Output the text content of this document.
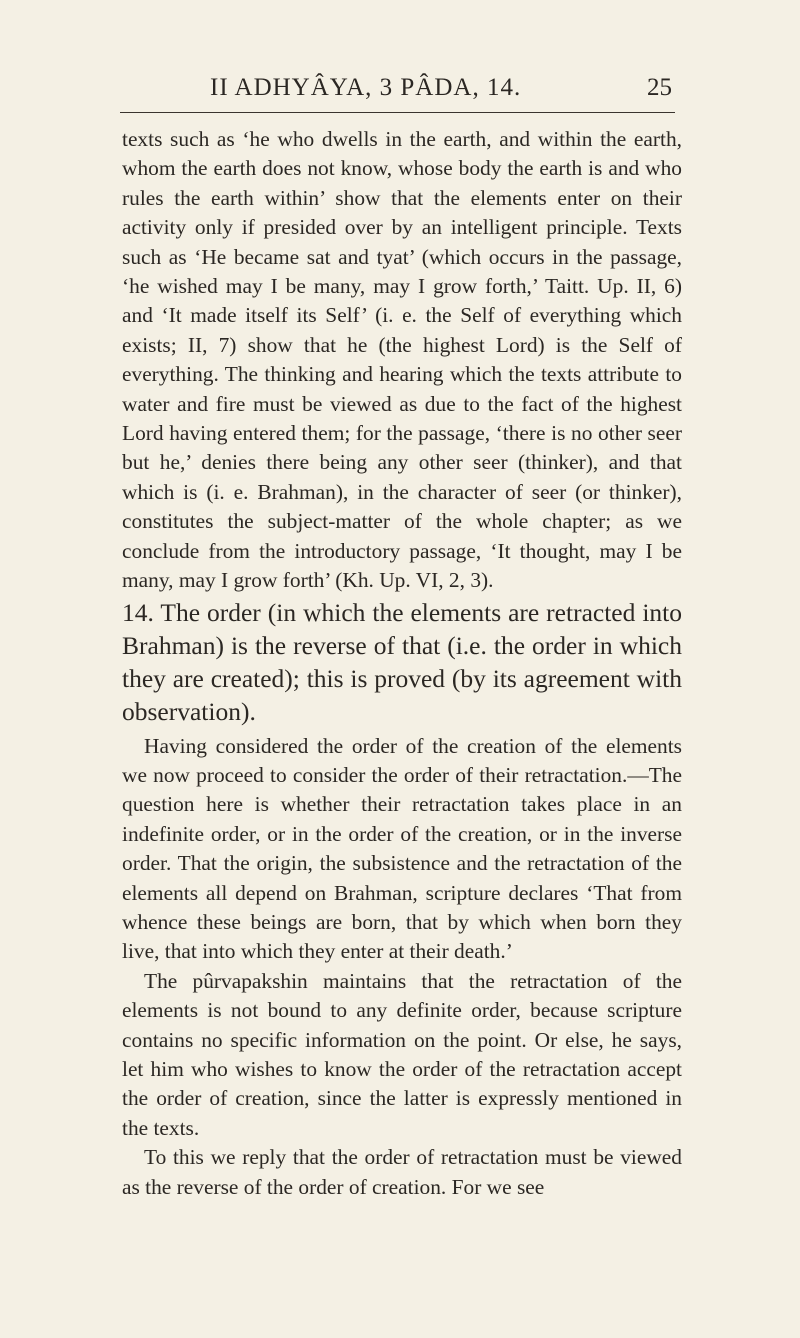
II ADHYÂYA, 3 PÂDA, 14.	25

texts such as ‘he who dwells in the earth, and within the earth, whom the earth does not know, whose body the earth is and who rules the earth within’ show that the elements enter on their activity only if presided over by an intelligent principle. Texts such as ‘He became sat and tyat’ (which occurs in the passage, ‘he wished may I be many, may I grow forth,’ Taitt. Up. II, 6) and ‘It made itself its Self’ (i. e. the Self of everything which exists; II, 7) show that he (the highest Lord) is the Self of everything. The thinking and hearing which the texts attribute to water and fire must be viewed as due to the fact of the highest Lord having entered them; for the passage, ‘there is no other seer but he,’ denies there being any other seer (thinker), and that which is (i. e. Brahman), in the character of seer (or thinker), constitutes the subject-matter of the whole chapter; as we conclude from the introductory passage, ‘It thought, may I be many, may I grow forth’ (Kh. Up. VI, 2, 3).

14. The order (in which the elements are retracted into Brahman) is the reverse of that (i.e. the order in which they are created); this is proved (by its agreement with observation).

Having considered the order of the creation of the elements we now proceed to consider the order of their retractation.—The question here is whether their retractation takes place in an indefinite order, or in the order of the creation, or in the inverse order. That the origin, the subsistence and the retractation of the elements all depend on Brahman, scripture declares ‘That from whence these beings are born, that by which when born they live, that into which they enter at their death.’

The pûrvapakshin maintains that the retractation of the elements is not bound to any definite order, because scripture contains no specific information on the point. Or else, he says, let him who wishes to know the order of the retractation accept the order of creation, since the latter is expressly mentioned in the texts.

To this we reply that the order of retractation must be viewed as the reverse of the order of creation. For we see
